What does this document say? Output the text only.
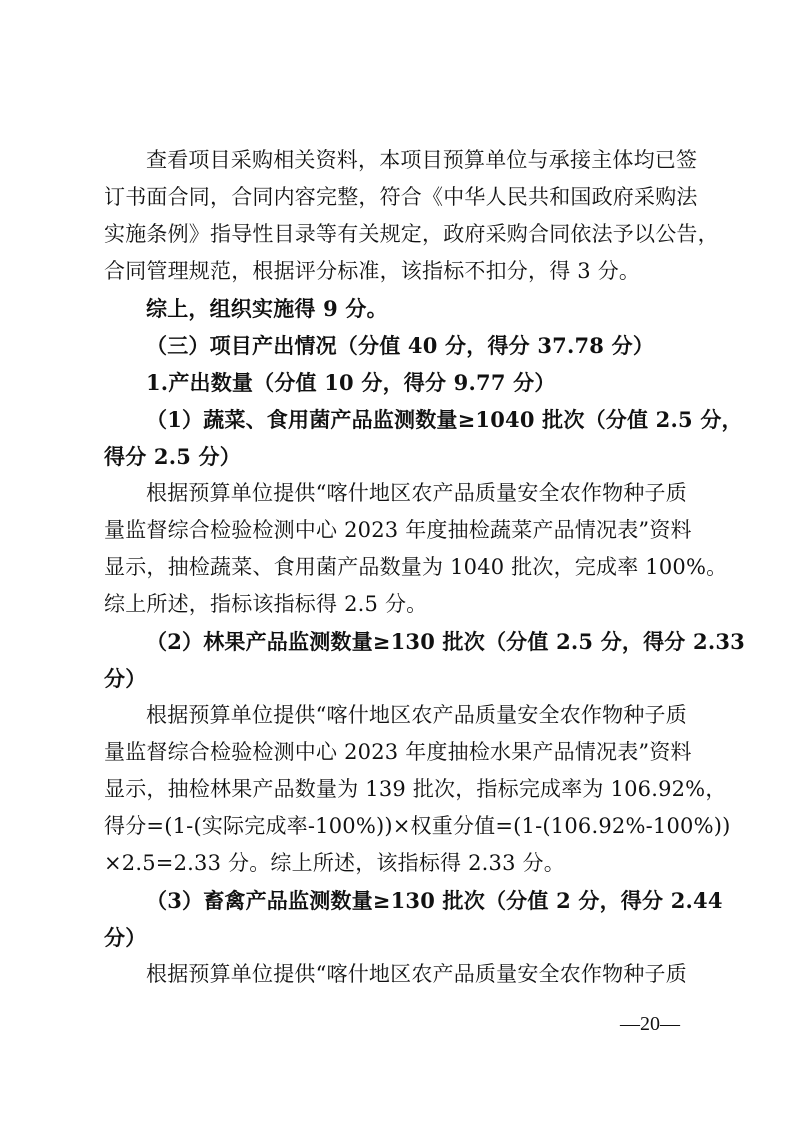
查看项目采购相关资料，本项目预算单位与承接主体均已签
订书面合同，合同内容完整，符合《中华人民共和国政府采购法
实施条例》指导性目录等有关规定，政府采购合同依法予以公告，
合同管理规范，根据评分标准，该指标不扣分，得 3 分。
综上，组织实施得 9 分。
（三）项目产出情况（分值 40 分，得分 37.78 分）
1.产出数量（分值 10 分，得分 9.77 分）
（1）蔬菜、食用菌产品监测数量≥1040 批次（分值 2.5 分，
得分 2.5 分）
根据预算单位提供“喀什地区农产品质量安全农作物种子质
量监督综合检验检测中心 2023 年度抽检蔬菜产品情况表”资料
显示，抽检蔬菜、食用菌产品数量为 1040 批次，完成率 100%。
综上所述，指标该指标得 2.5 分。
（2）林果产品监测数量≥130 批次（分值 2.5 分，得分 2.33
分）
根据预算单位提供“喀什地区农产品质量安全农作物种子质
量监督综合检验检测中心 2023 年度抽检水果产品情况表”资料
显示，抽检林果产品数量为 139 批次，指标完成率为 106.92%，
得分=(1-(实际完成率-100%))×权重分值=(1-(106.92%-100%))
×2.5=2.33 分。综上所述，该指标得 2.33 分。
（3）畜禽产品监测数量≥130 批次（分值 2 分，得分 2.44
分）
根据预算单位提供“喀什地区农产品质量安全农作物种子质
—20—
